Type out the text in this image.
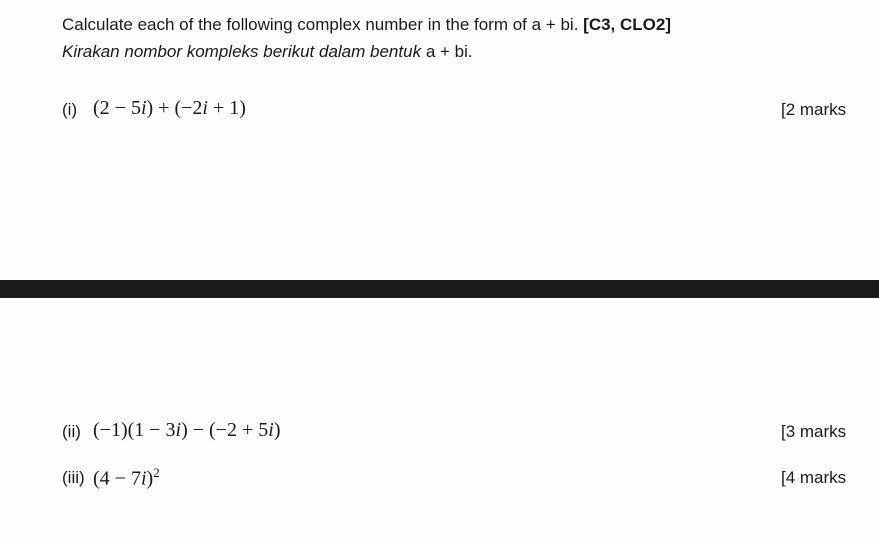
Calculate each of the following complex number in the form of a + bi. [C3, CLO2]
Kirakan nombor kompleks berikut dalam bentuk a + bi.
(i) (2 − 5i) + (−2i + 1)	[2 marks
(ii) (−1)(1 − 3i) − (−2 + 5i)	[3 marks
(iii) $(4 - 7i)^2$	[4 marks
